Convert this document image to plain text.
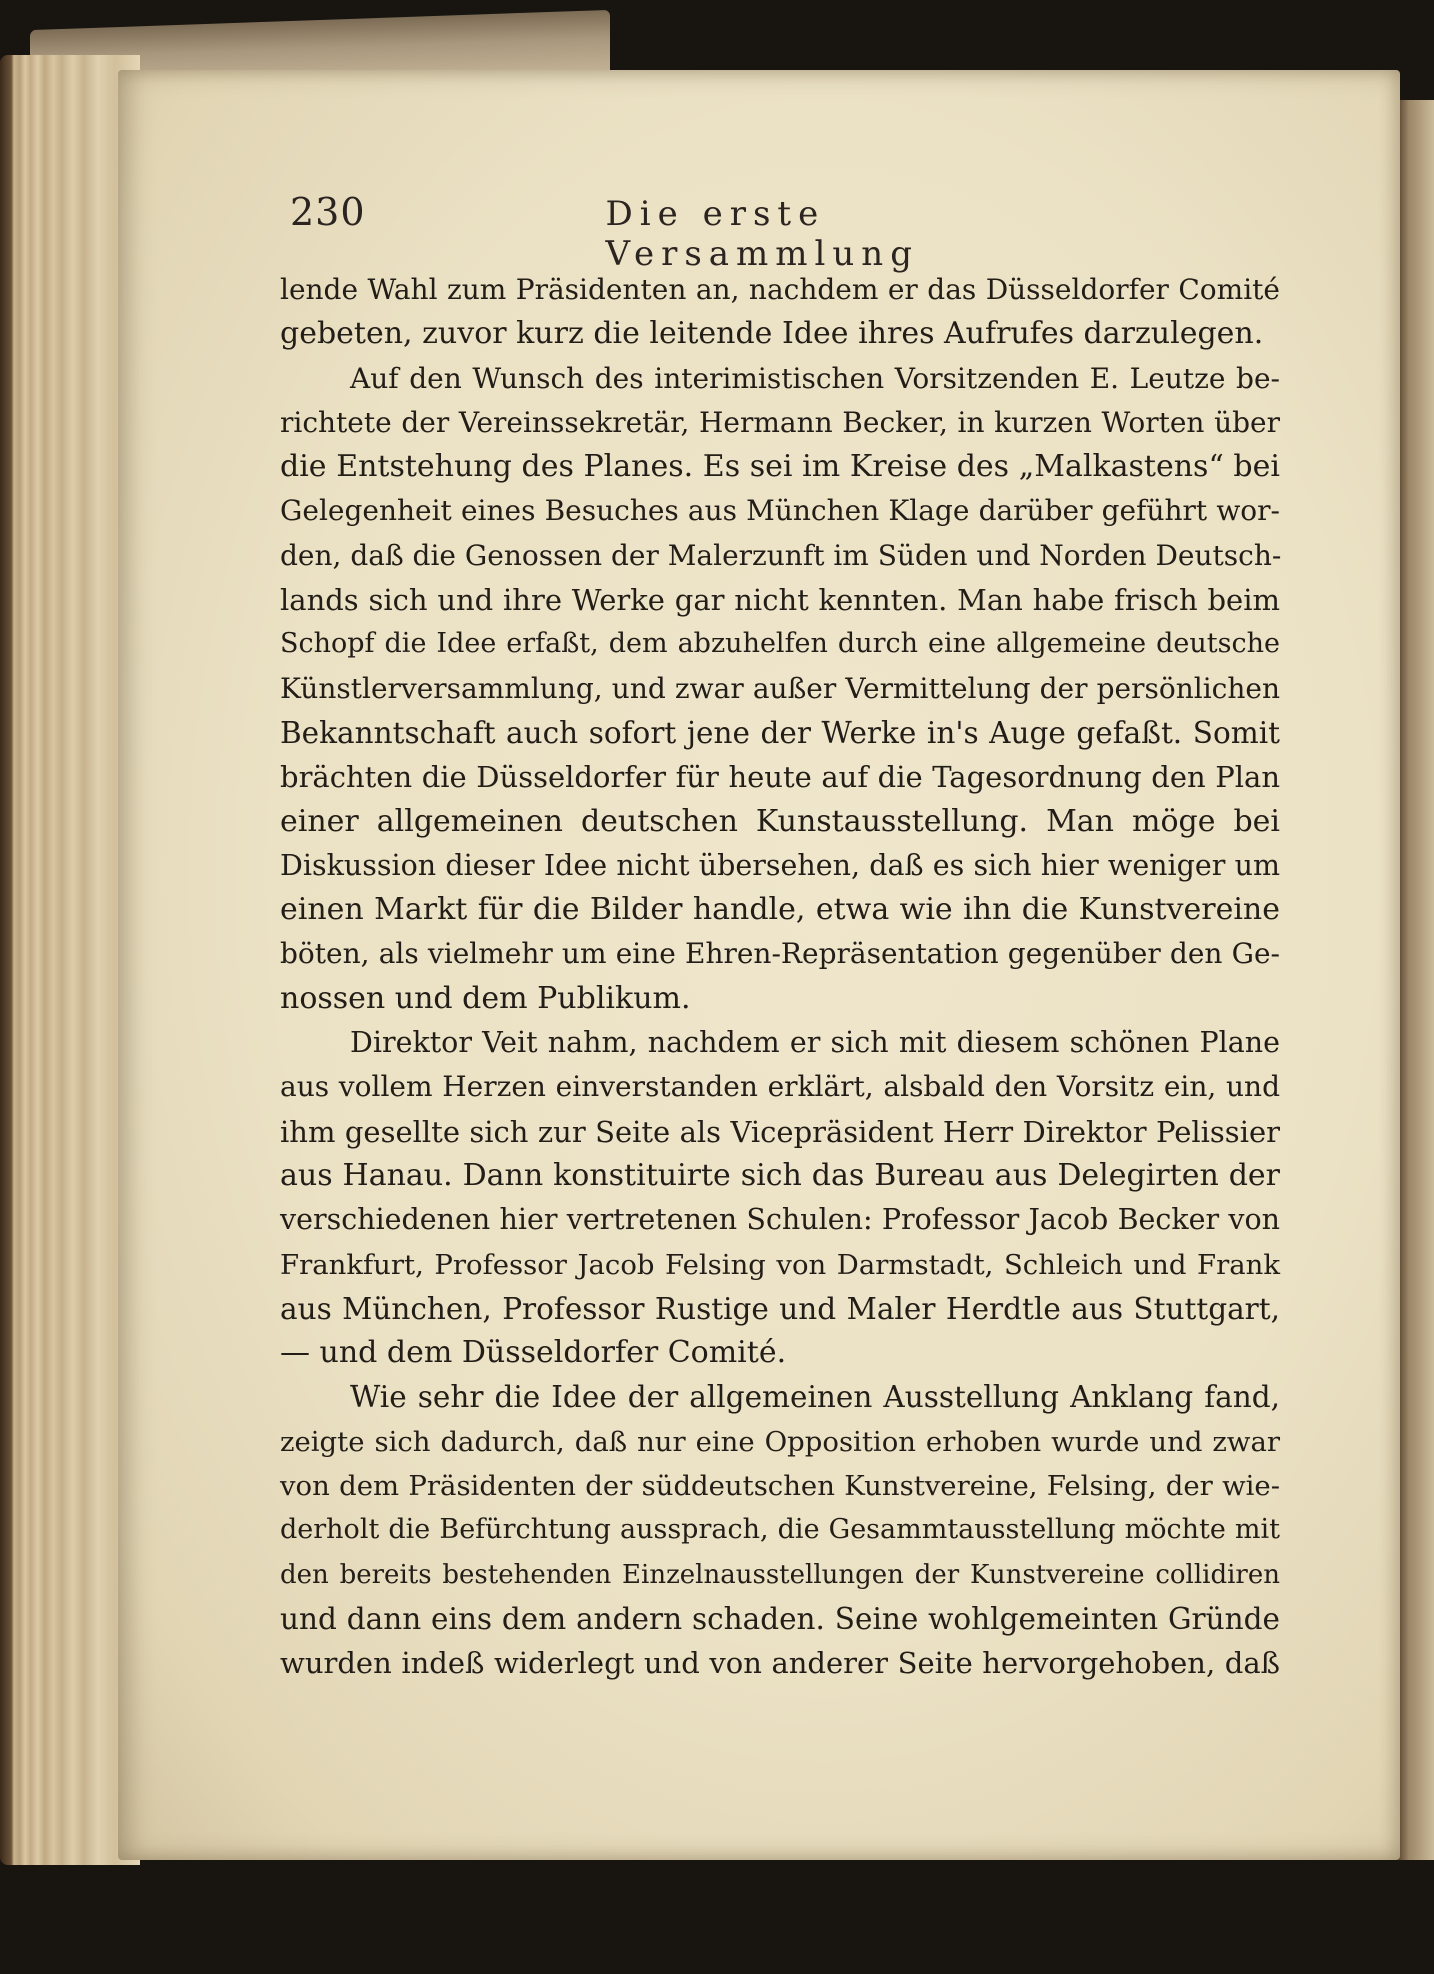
230	Die erste Versammlung
lende Wahl zum Präsidenten an, nachdem er das Düsseldorfer Comité
gebeten, zuvor kurz die leitende Idee ihres Aufrufes darzulegen.
Auf den Wunsch des interimistischen Vorsitzenden E. Leutze be-
richtete der Vereinssekretär, Hermann Becker, in kurzen Worten über
die Entstehung des Planes. Es sei im Kreise des „Malkastens“ bei
Gelegenheit eines Besuches aus München Klage darüber geführt wor-
den, daß die Genossen der Malerzunft im Süden und Norden Deutsch-
lands sich und ihre Werke gar nicht kennten. Man habe frisch beim
Schopf die Idee erfaßt, dem abzuhelfen durch eine allgemeine deutsche
Künstlerversammlung, und zwar außer Vermittelung der persönlichen
Bekanntschaft auch sofort jene der Werke in's Auge gefaßt. Somit
brächten die Düsseldorfer für heute auf die Tagesordnung den Plan
einer allgemeinen deutschen Kunstausstellung. Man möge bei
Diskussion dieser Idee nicht übersehen, daß es sich hier weniger um
einen Markt für die Bilder handle, etwa wie ihn die Kunstvereine
böten, als vielmehr um eine Ehren-Repräsentation gegenüber den Ge-
nossen und dem Publikum.
Direktor Veit nahm, nachdem er sich mit diesem schönen Plane
aus vollem Herzen einverstanden erklärt, alsbald den Vorsitz ein, und
ihm gesellte sich zur Seite als Vicepräsident Herr Direktor Pelissier
aus Hanau. Dann konstituirte sich das Bureau aus Delegirten der
verschiedenen hier vertretenen Schulen: Professor Jacob Becker von
Frankfurt, Professor Jacob Felsing von Darmstadt, Schleich und Frank
aus München, Professor Rustige und Maler Herdtle aus Stuttgart,
— und dem Düsseldorfer Comité.
Wie sehr die Idee der allgemeinen Ausstellung Anklang fand,
zeigte sich dadurch, daß nur eine Opposition erhoben wurde und zwar
von dem Präsidenten der süddeutschen Kunstvereine, Felsing, der wie-
derholt die Befürchtung aussprach, die Gesammtausstellung möchte mit
den bereits bestehenden Einzelnausstellungen der Kunstvereine collidiren
und dann eins dem andern schaden. Seine wohlgemeinten Gründe
wurden indeß widerlegt und von anderer Seite hervorgehoben, daß
